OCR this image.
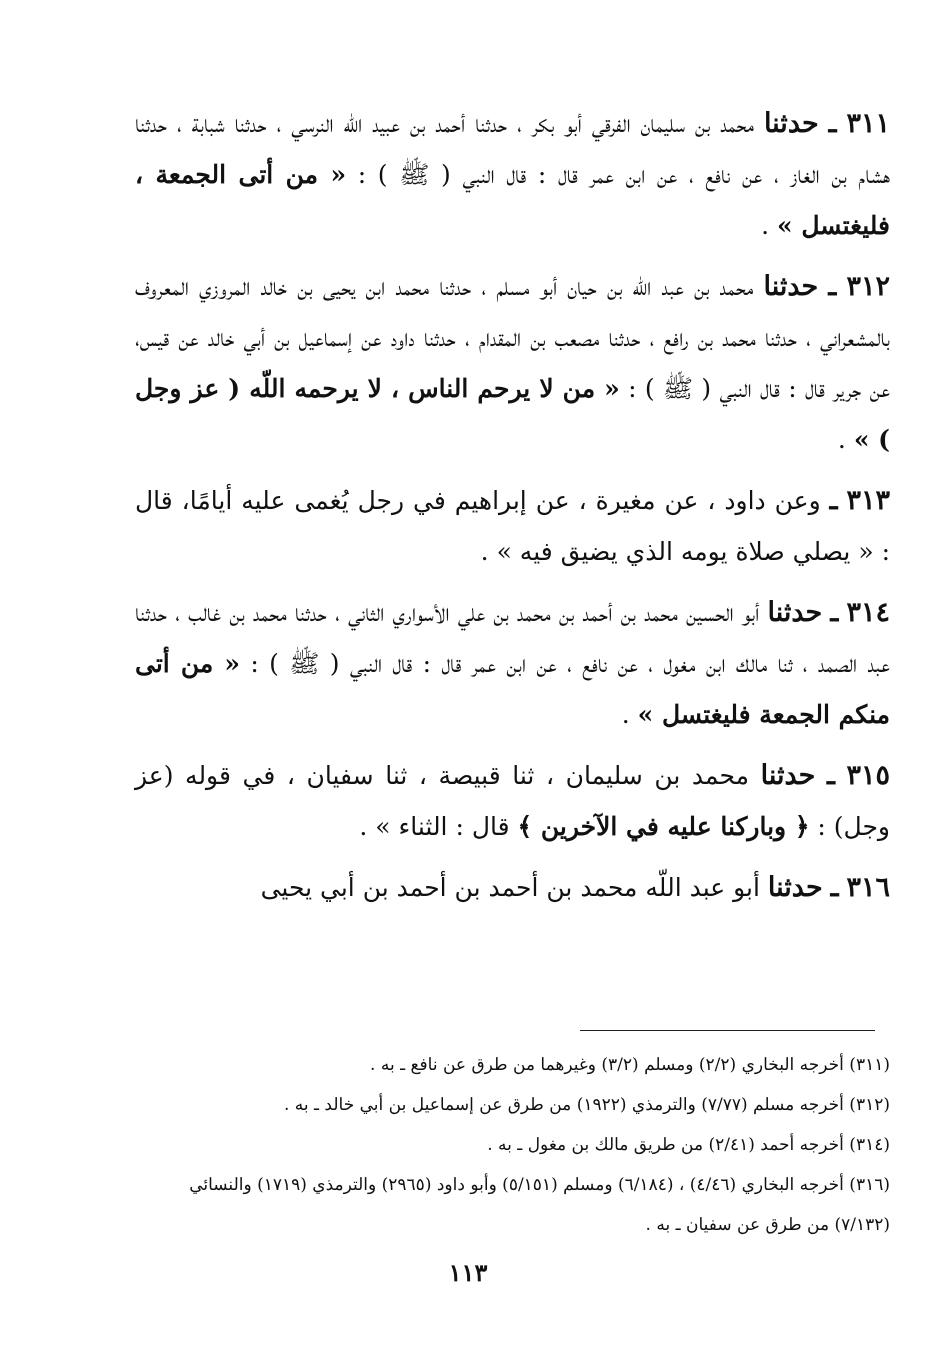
٣١١ ـ حدثنا محمد بن سليمان الفرقي أبو بكر ، حدثنا أحمد بن عبيد اللّه النرسي ، حدثنا شبابة ، حدثنا هشام بن الغاز ، عن نافع ، عن ابن عمر قال : قال النبي ( ﷺ ) : « من أتى الجمعة ، فليغتسل » .

٣١٢ ـ حدثنا محمد بن عبد اللّه بن حيان أبو مسلم ، حدثنا محمد ابن يحيى بن خالد المروزي المعروف بالمشعراني ، حدثنا محمد بن رافع ، حدثنا مصعب بن المقدام ، حدثنا داود عن إسماعيل بن أبي خالد عن قيس، عن جرير قال : قال النبي ( ﷺ ) : « من لا يرحم الناس ، لا يرحمه اللّه ( عز وجل ) » .

٣١٣ ـ وعن داود ، عن مغيرة ، عن إبراهيم في رجل يُغمى عليه أيامًا، قال : « يصلي صلاة يومه الذي يضيق فيه » .

٣١٤ ـ حدثنا أبو الحسين محمد بن أحمد بن محمد بن علي الأسواري الثاني ، حدثنا محمد بن غالب ، حدثنا عبد الصمد ، ثنا مالك ابن مغول ، عن نافع ، عن ابن عمر قال : قال النبي ( ﷺ ) : « من أتى منكم الجمعة فليغتسل » .

٣١٥ ـ حدثنا محمد بن سليمان ، ثنا قبيصة ، ثنا سفيان ، في قوله (عز وجل) : ﴿ وباركنا عليه في الآخرين ﴾ قال : الثناء » .

٣١٦ ـ حدثنا أبو عبد اللّه محمد بن أحمد بن أحمد بن أبي يحيى

(٣١١) أخرجه البخاري (٢/٢) ومسلم (٣/٢) وغيرهما من طرق عن نافع ـ به .

(٣١٢) أخرجه مسلم (٧/٧٧) والترمذي (١٩٢٢) من طرق عن إسماعيل بن أبي خالد ـ به .

(٣١٤) أخرجه أحمد (٢/٤١) من طريق مالك بن مغول ـ به .

(٣١٦) أخرجه البخاري (٤/٤٦) ، (٦/١٨٤) ومسلم (٥/١٥١) وأبو داود (٢٩٦٥) والترمذي (١٧١٩) والنسائي (٧/١٣٢) من طرق عن سفيان ـ به .

١١٣
